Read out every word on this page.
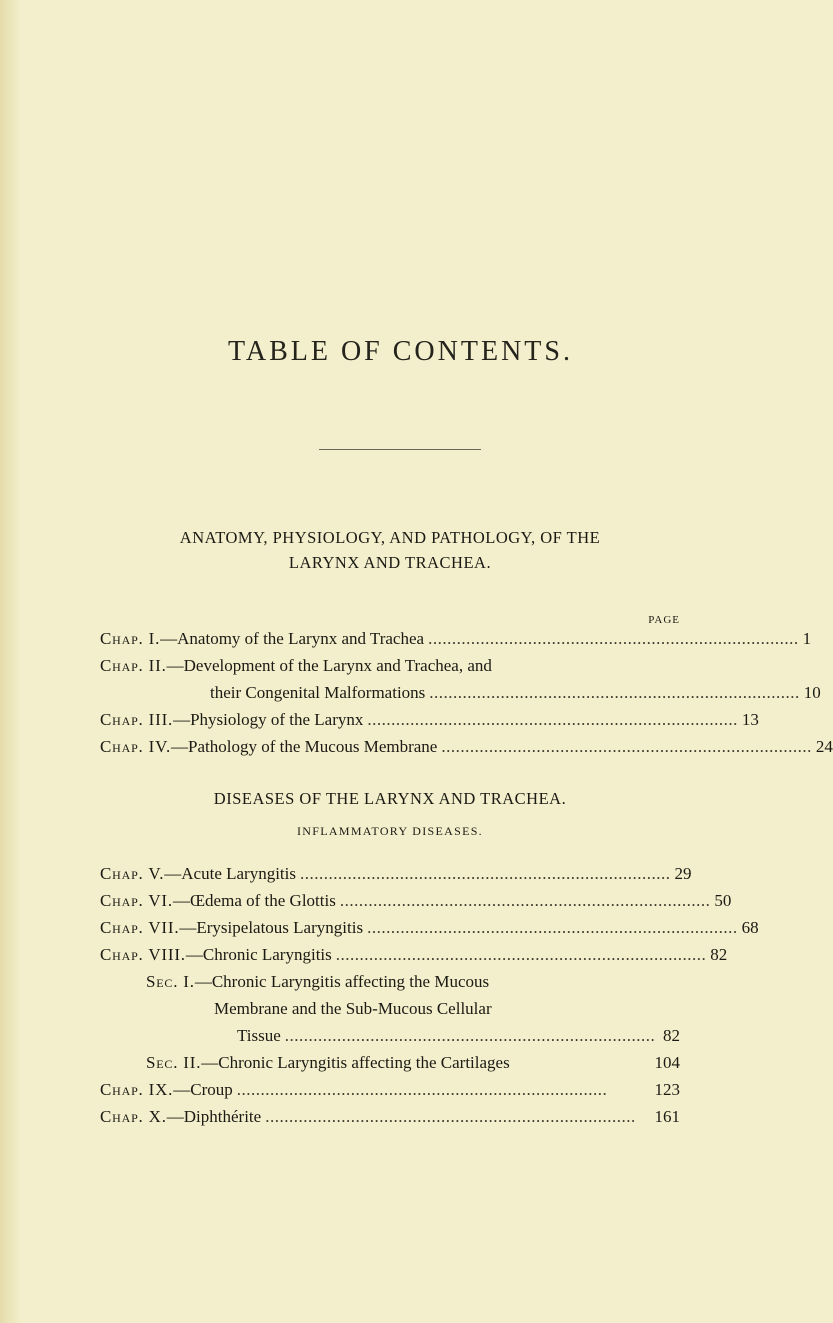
TABLE OF CONTENTS.
ANATOMY, PHYSIOLOGY, AND PATHOLOGY, OF THE
LARYNX AND TRACHEA.
PAGE
Chap. I. —Anatomy of the Larynx and Trachea .............................................................................. 1
Chap. II.—Development of the Larynx and Trachea, and
their Congenital Malformations .............................................................................. 10
Chap. III. —Physiology of the Larynx .............................................................................. 13
Chap. IV. —Pathology of the Mucous Membrane .............................................................................. 24
DISEASES OF THE LARYNX AND TRACHEA.
INFLAMMATORY DISEASES.
Chap. V. —Acute Laryngitis .............................................................................. 29
Chap. VI. —Œdema of the Glottis .............................................................................. 50
Chap. VII. —Erysipelatous Laryngitis .............................................................................. 68
Chap. VIII. —Chronic Laryngitis .............................................................................. 82
Sec. I.—Chronic Laryngitis affecting the Mucous
Membrane and the Sub-Mucous Cellular
Tissue .............................................................................. 82
Sec. II. —Chronic Laryngitis affecting the Cartilages	104
Chap. IX. —Croup ..............................................................................	123
Chap. X. —Diphthérite ..............................................................................	161
